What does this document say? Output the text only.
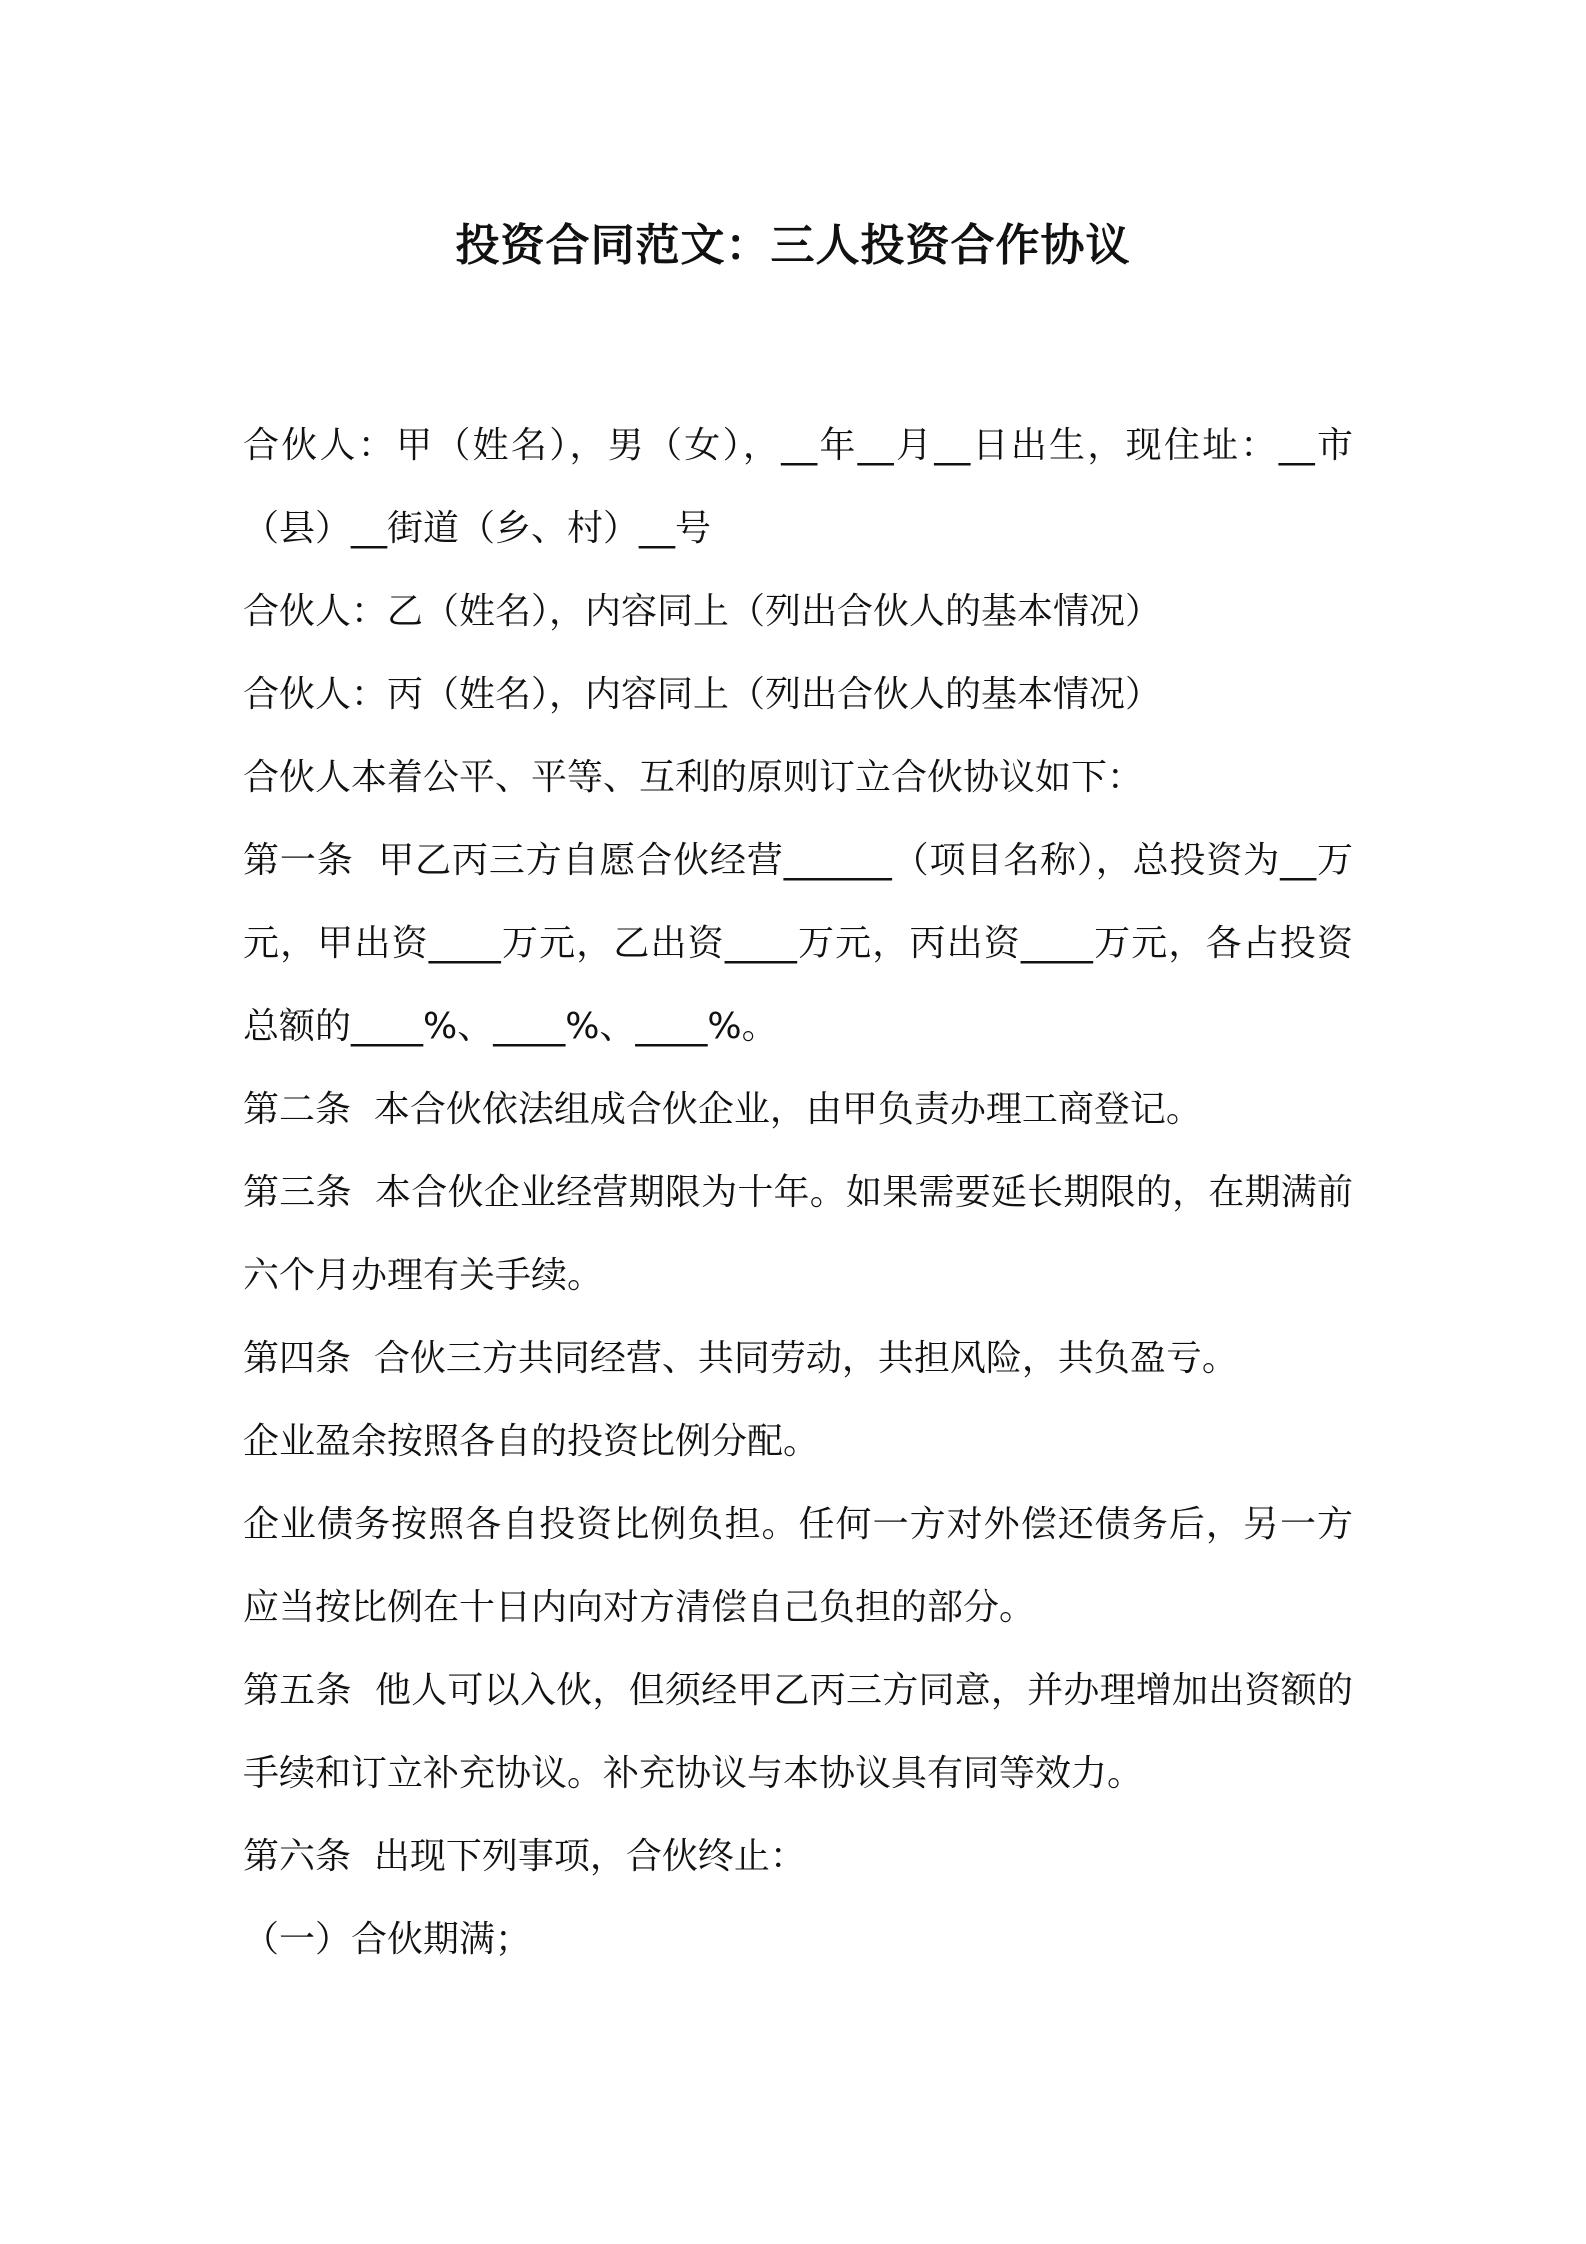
投资合同范文：三人投资合作协议

合伙人：甲（姓名），男（女），__年__月__日出生，现住址：__市（县）__街道（乡、村）__号

合伙人：乙（姓名），内容同上（列出合伙人的基本情况）

合伙人：丙（姓名），内容同上（列出合伙人的基本情况）

合伙人本着公平、平等、互利的原则订立合伙协议如下：

第一条  甲乙丙三方自愿合伙经营______（项目名称），总投资为__万元，甲出资____万元，乙出资____万元，丙出资____万元，各占投资总额的____%、____%、____%。

第二条  本合伙依法组成合伙企业，由甲负责办理工商登记。

第三条  本合伙企业经营期限为十年。如果需要延长期限的，在期满前六个月办理有关手续。

第四条  合伙三方共同经营、共同劳动，共担风险，共负盈亏。

企业盈余按照各自的投资比例分配。

企业债务按照各自投资比例负担。任何一方对外偿还债务后，另一方应当按比例在十日内向对方清偿自己负担的部分。

第五条  他人可以入伙，但须经甲乙丙三方同意，并办理增加出资额的手续和订立补充协议。补充协议与本协议具有同等效力。

第六条  出现下列事项，合伙终止：

（一）合伙期满；
